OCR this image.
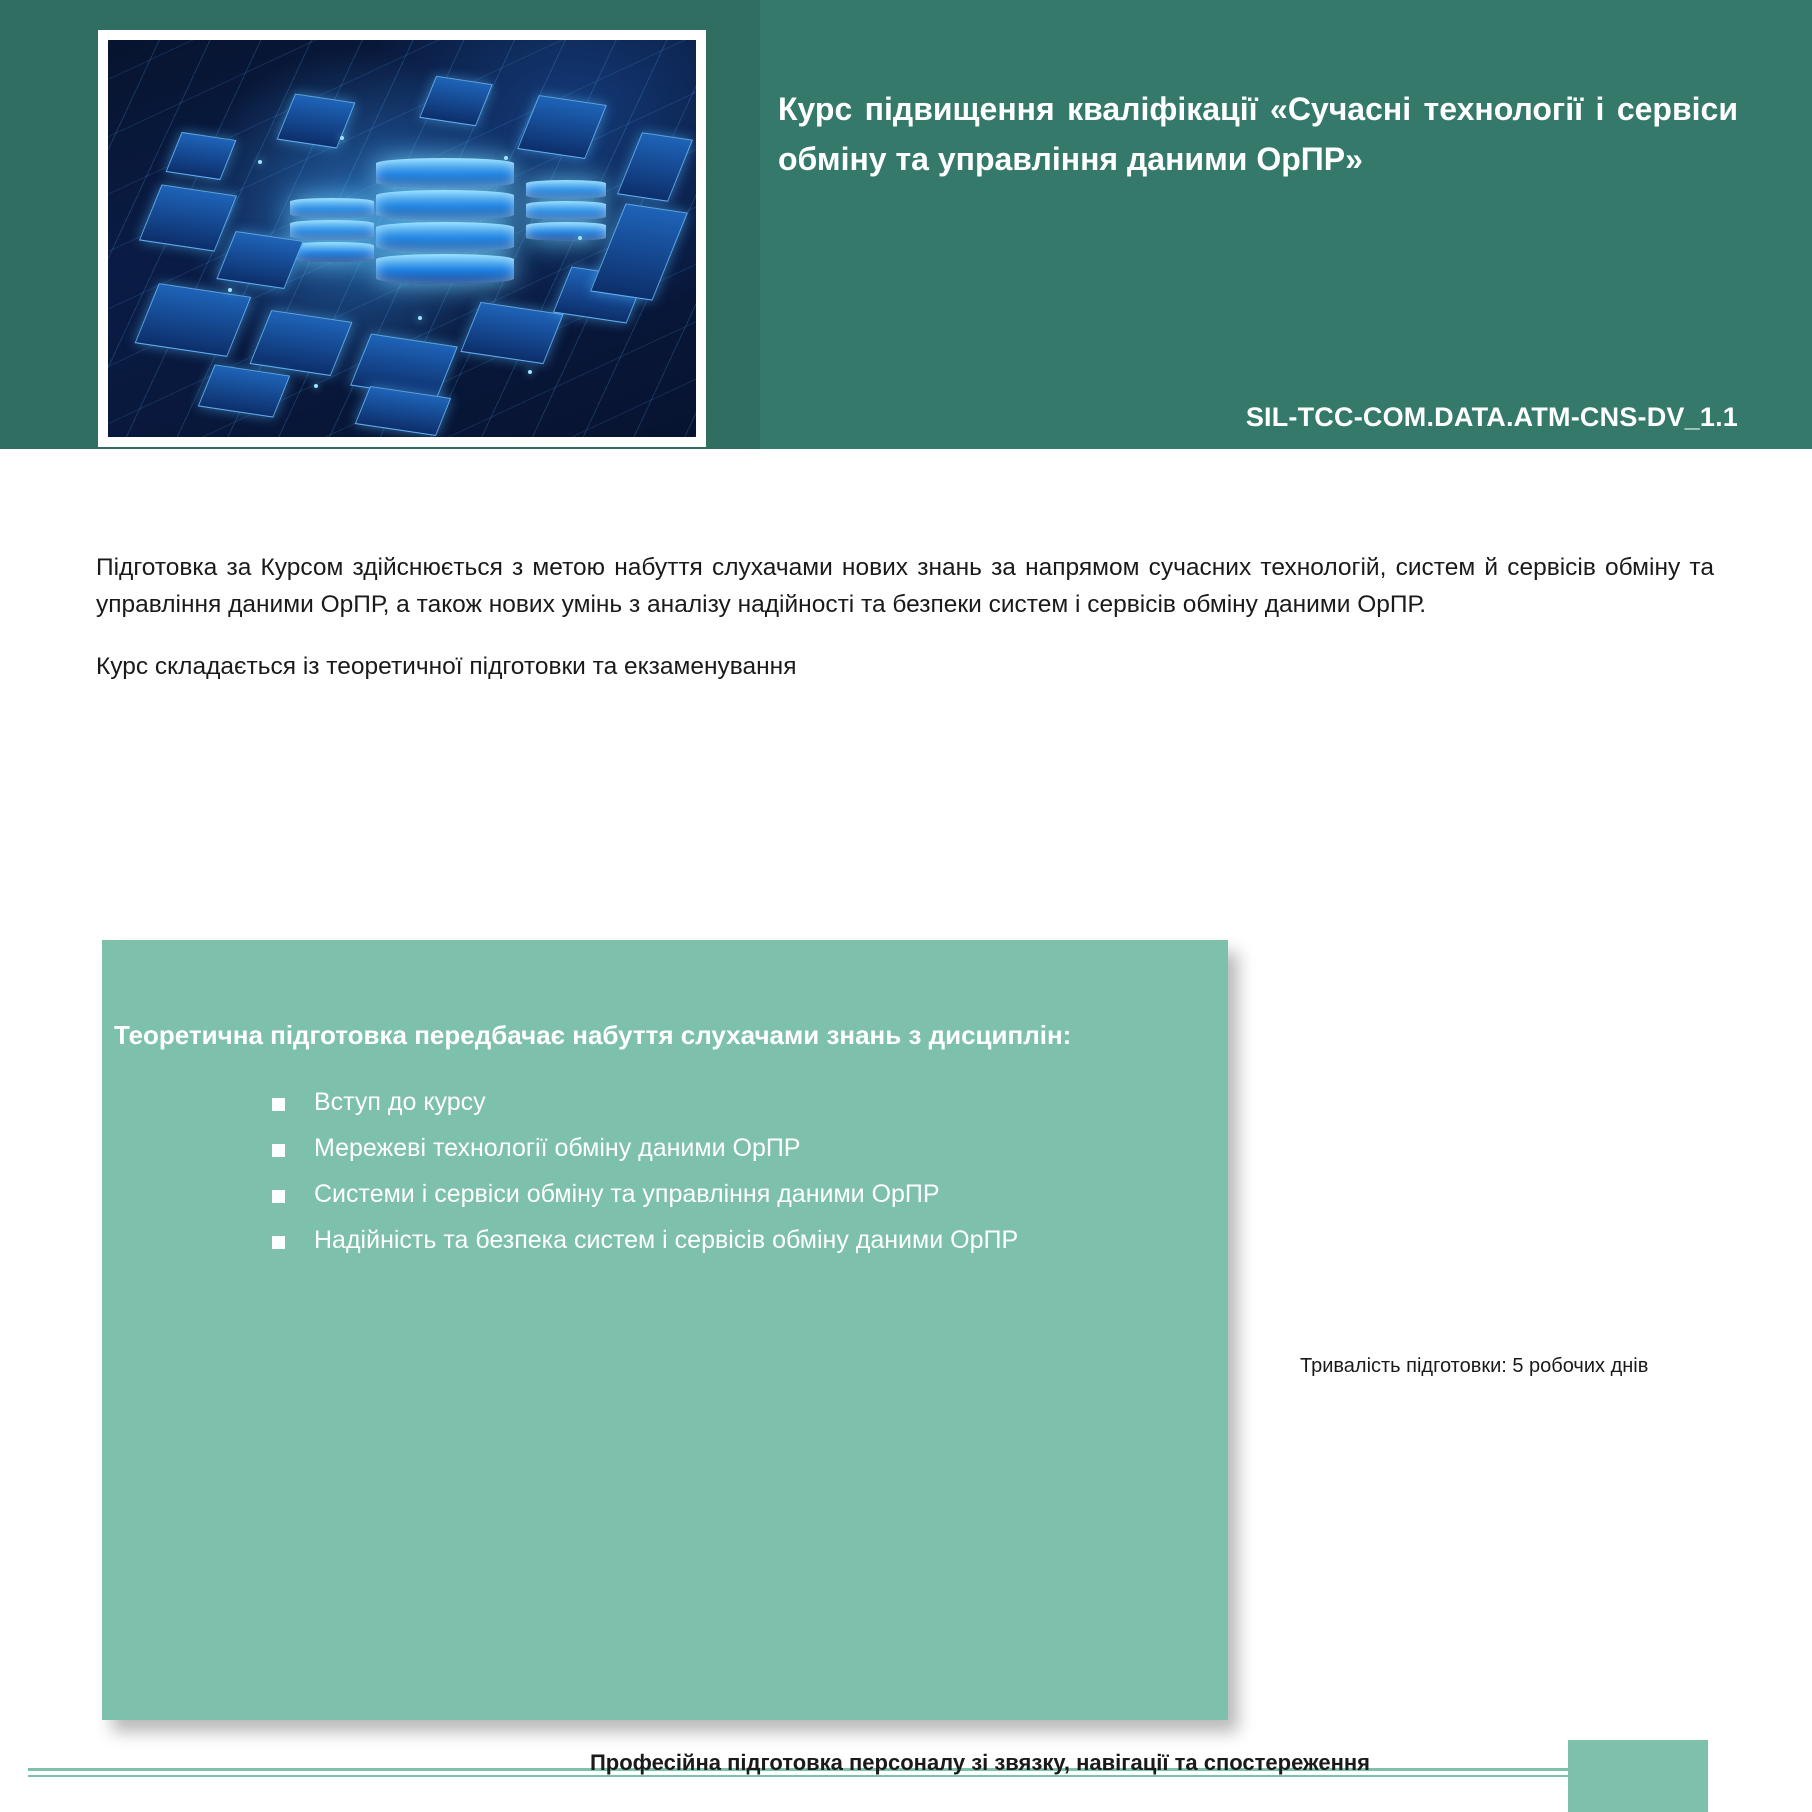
Курс підвищення кваліфікації «Сучасні технології і сервіси обміну та управління даними ОрПР»
SIL-TCC-COM.DATA.ATM-CNS-DV_1.1
Підготовка за Курсом здійснюється з метою набуття слухачами нових знань за напрямом сучасних технологій, систем й сервісів обміну та управління даними ОрПР, а також нових умінь з аналізу надійності та безпеки систем і сервісів обміну даними ОрПР.
Курс складається із теоретичної підготовки та екзаменування
Теоретична підготовка передбачає набуття слухачами знань з дисциплін:
Вступ до курсу
Мережеві технології обміну даними ОрПР
Системи і сервіси обміну та управління даними ОрПР
Надійність та безпека систем і сервісів обміну даними ОрПР
Тривалість підготовки: 5 робочих днів
Професійна підготовка персоналу зі звязку, навігації та спостереження
